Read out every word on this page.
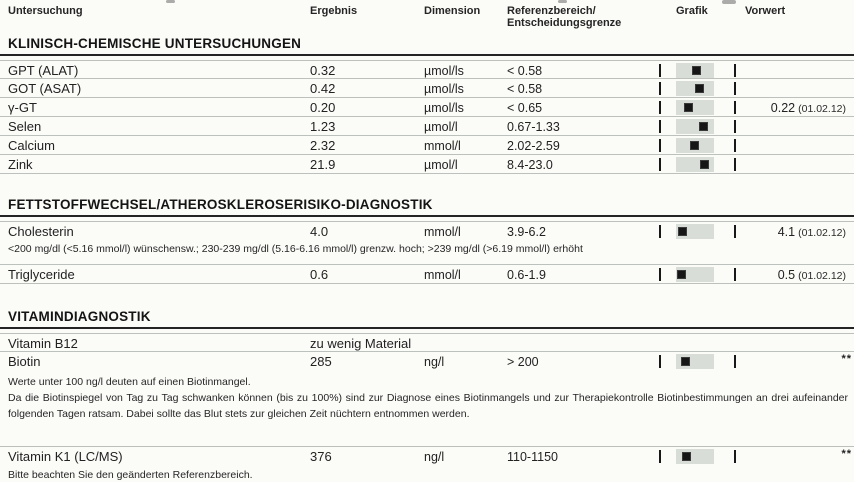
Untersuchung	Ergebnis	Dimension	Referenzbereich/
Entscheidungsgrenze
Grafik	Vorwert
KLINISCH-CHEMISCHE UNTERSUCHUNGEN
GPT (ALAT)	0.32	µmol/ls	< 0.58
GOT (ASAT)	0.42	µmol/ls	< 0.58
γ-GT	0.20	µmol/ls	< 0.65	0.22 (01.02.12)
Selen	1.23	µmol/l	0.67-1.33
Calcium	2.32	mmol/l	2.02-2.59
Zink	21.9	µmol/l	8.4-23.0
FETTSTOFFWECHSEL/ATHEROSKLEROSERISIKO-DIAGNOSTIK
Cholesterin	4.0	mmol/l	3.9-6.2	4.1 (01.02.12)
<200 mg/dl (<5.16 mmol/l) wünschensw.; 230-239 mg/dl (5.16-6.16 mmol/l) grenzw. hoch; >239 mg/dl (>6.19 mmol/l) erhöht
Triglyceride	0.6	mmol/l	0.6-1.9	0.5 (01.02.12)
VITAMINDIAGNOSTIK
Vitamin B12	zu wenig Material
Biotin	285	ng/l	> 200	**

Werte unter 100 ng/l deuten auf einen Biotinmangel.

Da die Biotinspiegel von Tag zu Tag schwanken können (bis zu 100%) sind zur Diagnose eines Biotinmangels und zur Therapiekontrolle Biotinbestimmungen an drei aufeinander folgenden Tagen ratsam. Dabei sollte das Blut stets zur gleichen Zeit nüchtern entnommen werden.

Vitamin K1 (LC/MS)	376	ng/l	110-1150	**
Bitte beachten Sie den geänderten Referenzbereich.
